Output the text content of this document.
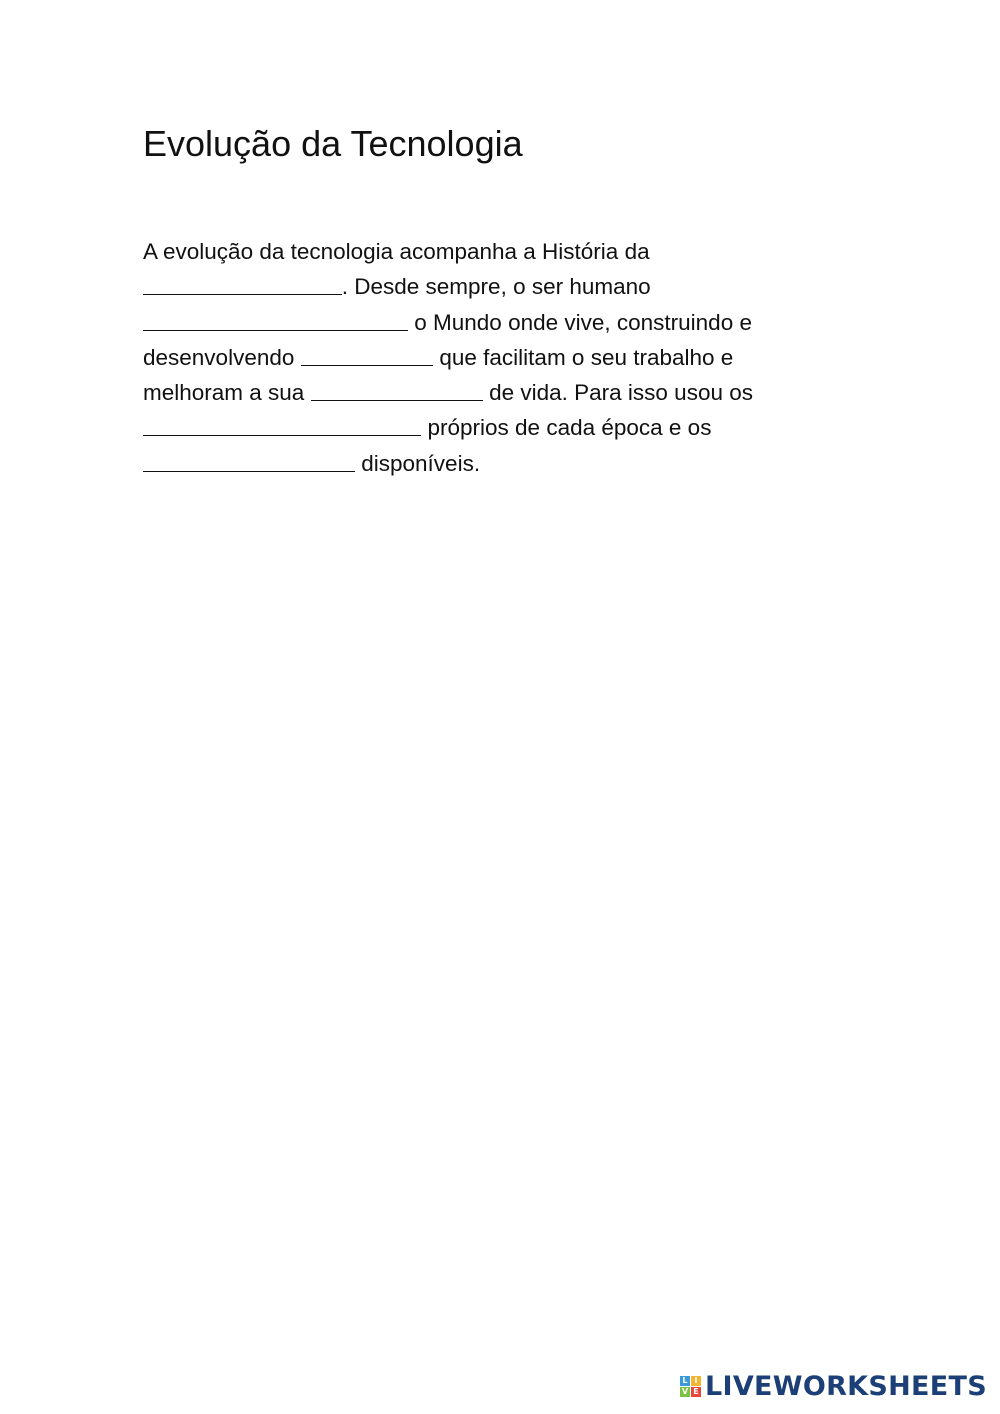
Evolução da Tecnologia
A evolução da tecnologia acompanha a História da
. Desde sempre, o ser humano
o Mundo onde vive, construindo e
desenvolvendo	que facilitam o seu trabalho e
melhoram a sua	de vida. Para isso usou os
próprios de cada época e os
disponíveis.
L I
V E LIVEWORKSHEETS
